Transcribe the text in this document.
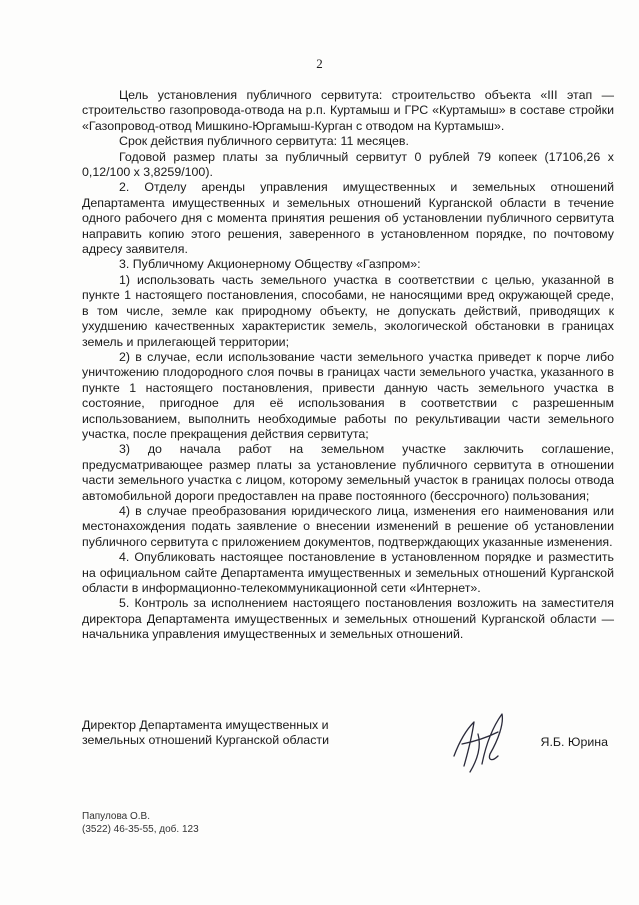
2

Цель установления публичного сервитута: строительство объекта «III этап — строительство газопровода-отвода на р.п. Куртамыш и ГРС «Куртамыш» в составе стройки «Газопровод-отвод Мишкино-Юргамыш-Курган с отводом на Куртамыш».

Срок действия публичного сервитута: 11 месяцев.

Годовой размер платы за публичный сервитут 0 рублей 79 копеек (17106,26 x 0,12/100 x 3,8259/100).

2. Отделу аренды управления имущественных и земельных отношений Департамента имущественных и земельных отношений Курганской области в течение одного рабочего дня с момента принятия решения об установлении публичного сервитута направить копию этого решения, заверенного в установленном порядке, по почтовому адресу заявителя.

3. Публичному Акционерному Обществу «Газпром»:

1) использовать часть земельного участка в соответствии с целью, указанной в пункте 1 настоящего постановления, способами, не наносящими вред окружающей среде, в том числе, земле как природному объекту, не допускать действий, приводящих к ухудшению качественных характеристик земель, экологической обстановки в границах земель и прилегающей территории;

2) в случае, если использование части земельного участка приведет к порче либо уничтожению плодородного слоя почвы в границах части земельного участка, указанного в пункте 1 настоящего постановления, привести данную часть земельного участка в состояние, пригодное для её использования в соответствии с разрешенным использованием, выполнить необходимые работы по рекультивации части земельного участка, после прекращения действия сервитута;

3) до начала работ на земельном участке заключить соглашение, предусматривающее размер платы за установление публичного сервитута в отношении части земельного участка с лицом, которому земельный участок в границах полосы отвода автомобильной дороги предоставлен на праве постоянного (бессрочного) пользования;

4) в случае преобразования юридического лица, изменения его наименования или местонахождения подать заявление о внесении изменений в решение об установлении публичного сервитута с приложением документов, подтверждающих указанные изменения.

4. Опубликовать настоящее постановление в установленном порядке и разместить на официальном сайте Департамента имущественных и земельных отношений Курганской области в информационно-телекоммуникационной сети «Интернет».

5. Контроль за исполнением настоящего постановления возложить на заместителя директора Департамента имущественных и земельных отношений Курганской области — начальника управления имущественных и земельных отношений.

Директор Департамента имущественных и
земельных отношений Курганской области	Я.Б. Юрина
Папулова О.В.
(3522) 46-35-55, доб. 123
